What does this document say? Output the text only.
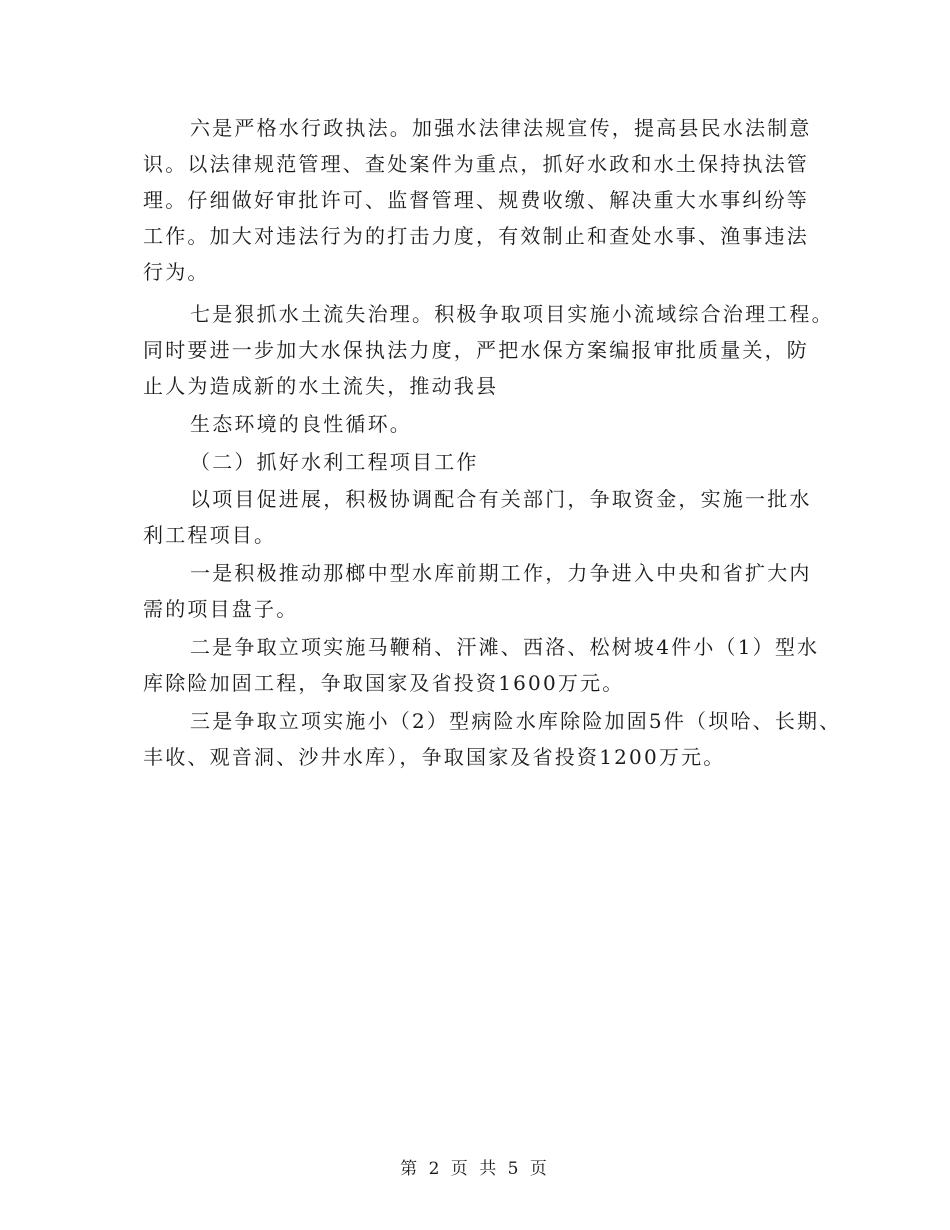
六是严格水行政执法。加强水法律法规宣传，提高县民水法制意
识。以法律规范管理、查处案件为重点，抓好水政和水土保持执法管
理。仔细做好审批许可、监督管理、规费收缴、解决重大水事纠纷等
工作。加大对违法行为的打击力度，有效制止和查处水事、渔事违法
行为。
七是狠抓水土流失治理。积极争取项目实施小流域综合治理工程。
同时要进一步加大水保执法力度，严把水保方案编报审批质量关，防
止人为造成新的水土流失，推动我县
生态环境的良性循环。
（二）抓好水利工程项目工作
以项目促进展，积极协调配合有关部门，争取资金，实施一批水
利工程项目。
一是积极推动那榔中型水库前期工作，力争进入中央和省扩大内
需的项目盘子。
二是争取立项实施马鞭稍、汗滩、西洛、松树坡4件小（1）型水
库除险加固工程，争取国家及省投资1600万元。
三是争取立项实施小（2）型病险水库除险加固5件（坝哈、长期、
丰收、观音洞、沙井水库），争取国家及省投资1200万元。
第 2 页 共 5 页
